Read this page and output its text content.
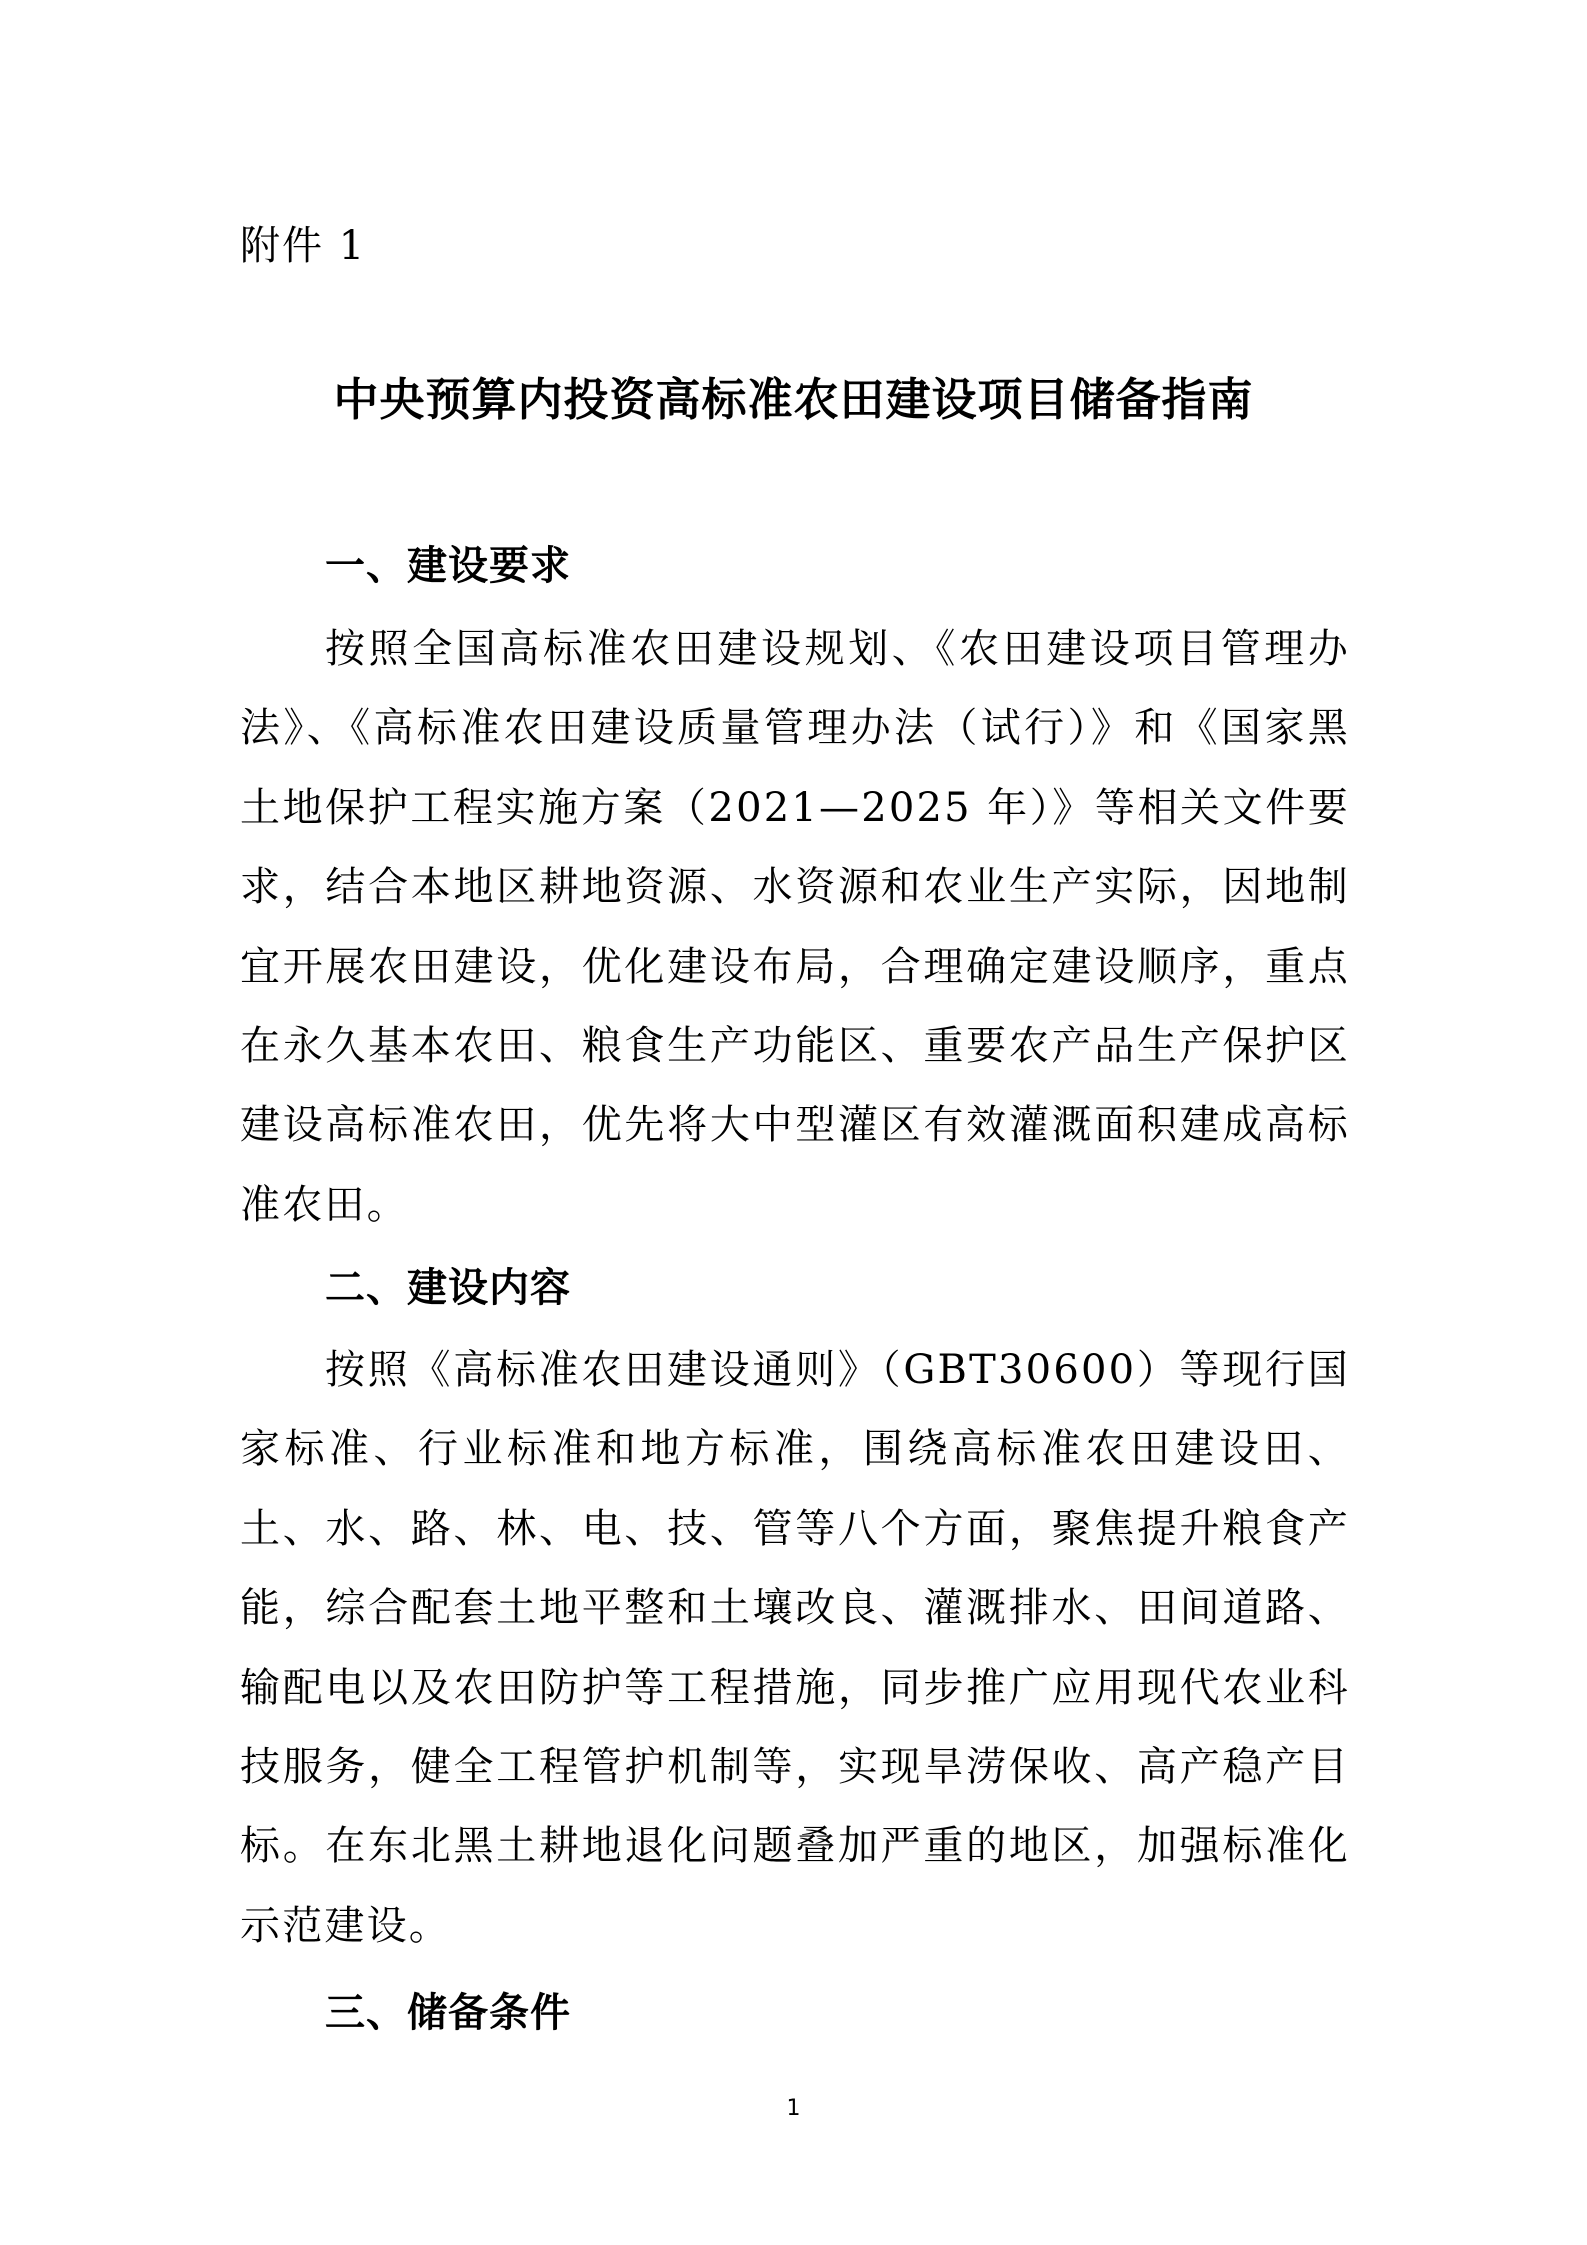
附件 1
中央预算内投资高标准农田建设项目储备指南
一、建设要求
按照全国高标准农田建设规划、《农田建设项目管理办法》、《高标准农田建设质量管理办法（试行）》和《国家黑土地保护工程实施方案（2021—2025 年）》等相关文件要求，结合本地区耕地资源、水资源和农业生产实际，因地制宜开展农田建设，优化建设布局，合理确定建设顺序，重点在永久基本农田、粮食生产功能区、重要农产品生产保护区建设高标准农田，优先将大中型灌区有效灌溉面积建成高标准农田。
二、建设内容
按照《高标准农田建设通则》（GBT30600）等现行国家标准、行业标准和地方标准，围绕高标准农田建设田、土、水、路、林、电、技、管等八个方面，聚焦提升粮食产能，综合配套土地平整和土壤改良、灌溉排水、田间道路、输配电以及农田防护等工程措施，同步推广应用现代农业科技服务，健全工程管护机制等，实现旱涝保收、高产稳产目标。在东北黑土耕地退化问题叠加严重的地区，加强标准化示范建设。
三、储备条件
1
